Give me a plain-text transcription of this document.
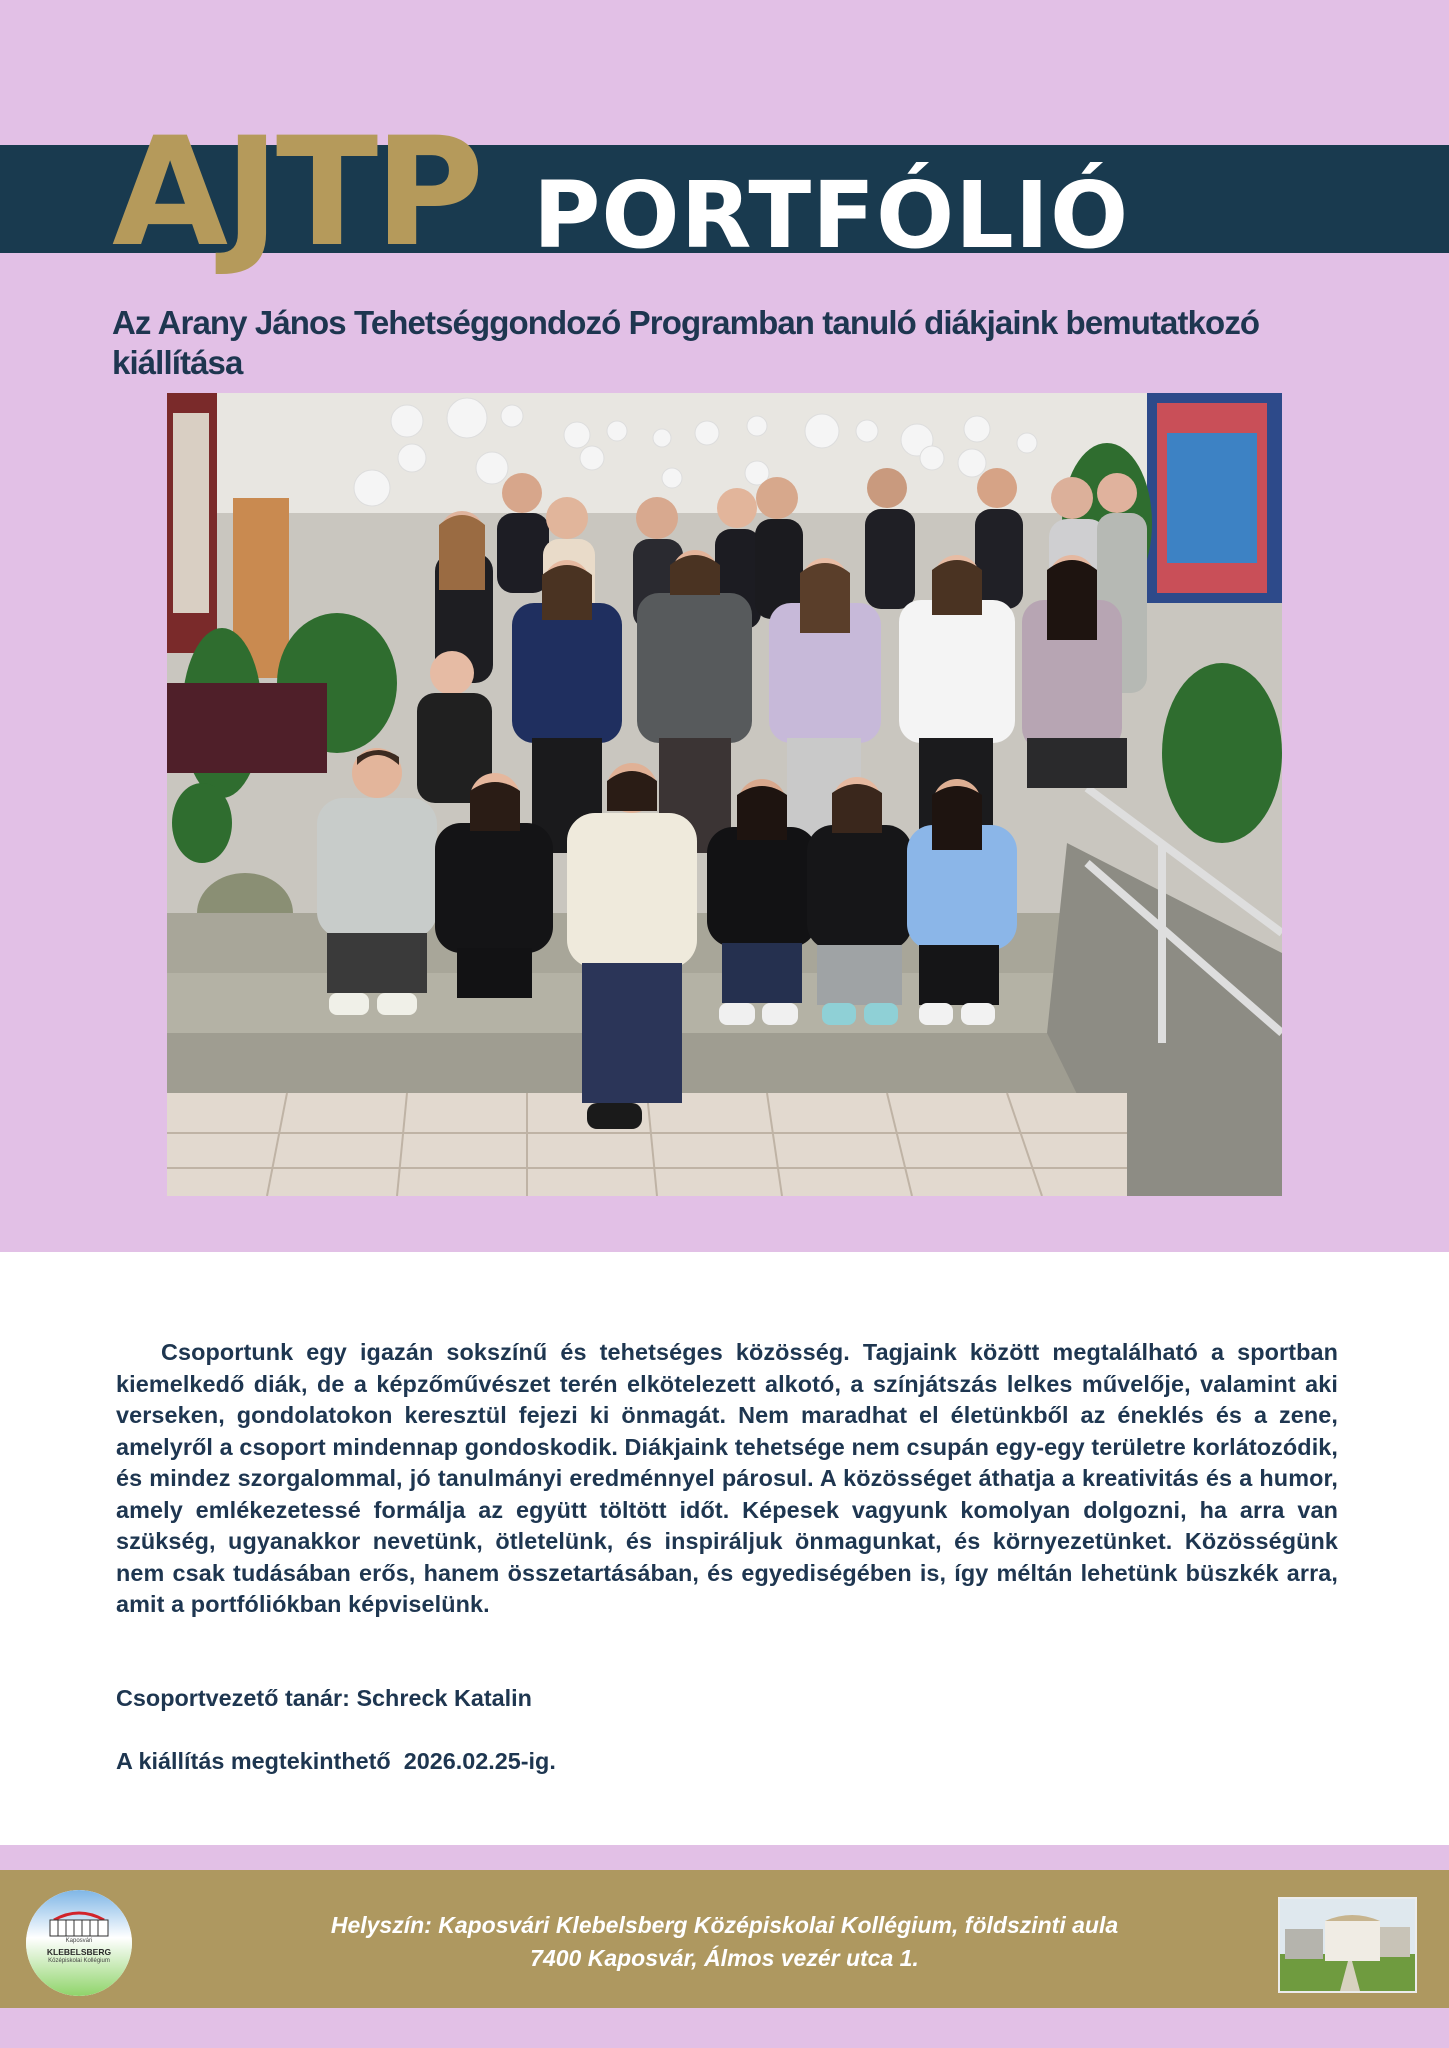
AJTP PORTFÓLIÓ
Az Arany János Tehetséggondozó Programban tanuló diákjaink bemutatkozó kiállítása

Csoportunk egy igazán sokszínű és tehetséges közösség. Tagjaink között megtalálható a sportban kiemelkedő diák, de a képzőművészet terén elkötelezett alkotó, a színjátszás lelkes művelője, valamint aki verseken, gondolatokon keresztül fejezi ki önmagát. Nem maradhat el életünkből az éneklés és a zene, amelyről a csoport mindennap gondoskodik. Diákjaink tehetsége nem csupán egy-egy területre korlátozódik, és mindez szorgalommal, jó tanulmányi eredménnyel párosul. A közösséget áthatja a kreativitás és a humor, amely emlékezetessé formálja az együtt töltött időt. Képesek vagyunk komolyan dolgozni, ha arra van szükség, ugyanakkor nevetünk, ötletelünk, és inspiráljuk önmagunkat, és környezetünket. Közösségünk nem csak tudásában erős, hanem összetartásában, és egyediségében is, így méltán lehetünk büszkék arra, amit a portfóliókban képviselünk.

Csoportvezető tanár: Schreck Katalin

A kiállítás megtekinthető  2026.02.25-ig.

Kaposvári
KLEBELSBERG
Középiskolai Kollégium
Helyszín: Kaposvári Klebelsberg Középiskolai Kollégium, földszinti aula
7400 Kaposvár, Álmos vezér utca 1.
